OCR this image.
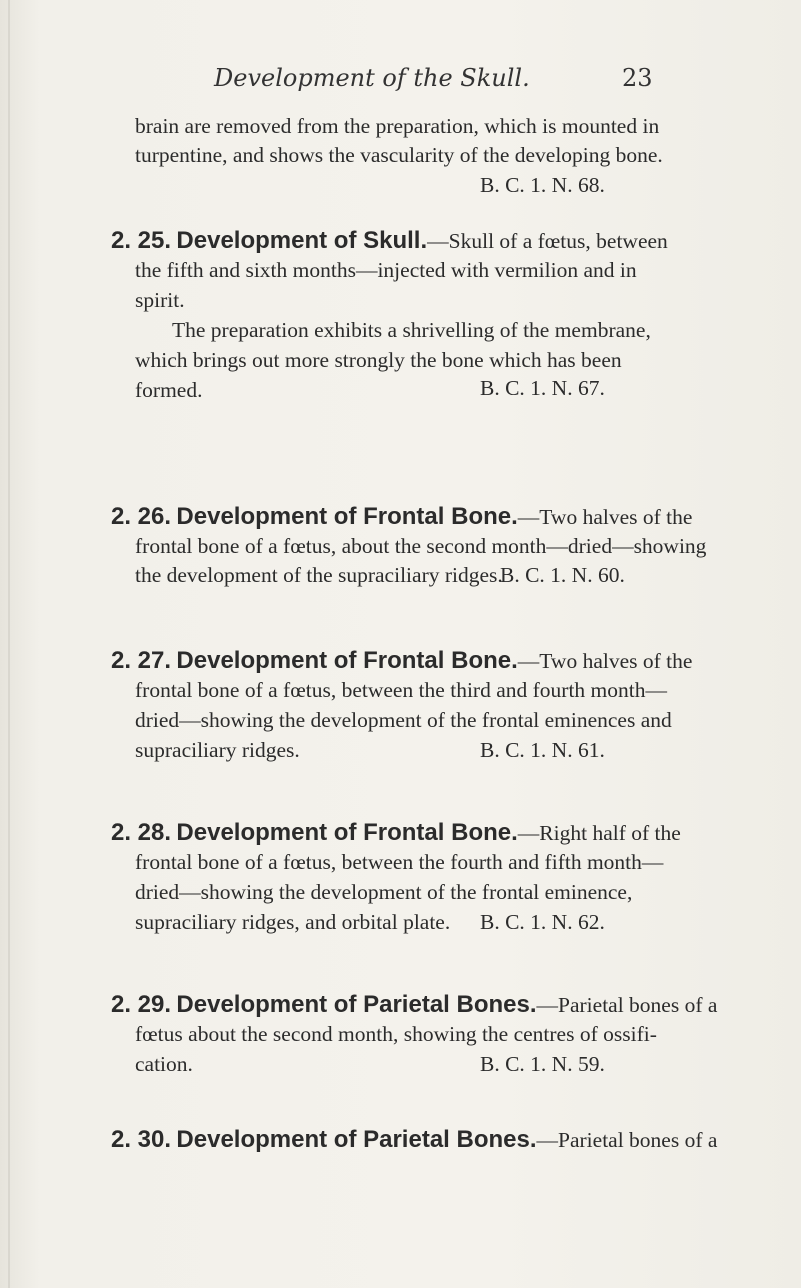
Development of the Skull.	23
brain are removed from the preparation, which is mounted in
turpentine, and shows the vascularity of the developing bone.
B. C. 1. N. 68.
2. 25. Development of Skull.—Skull of a fœtus, between
the fifth and sixth months—injected with vermilion and in
spirit.
The preparation exhibits a shrivelling of the membrane,
which brings out more strongly the bone which has been
formed.	B. C. 1. N. 67.
2. 26. Development of Frontal Bone.—Two halves of the
frontal bone of a fœtus, about the second month—dried—showing
the development of the supraciliary ridges.
B. C. 1. N. 60.
2. 27. Development of Frontal Bone.—Two halves of the
frontal bone of a fœtus, between the third and fourth month—
dried—showing the development of the frontal eminences and
supraciliary ridges.	B. C. 1. N. 61.
2. 28. Development of Frontal Bone.—Right half of the
frontal bone of a fœtus, between the fourth and fifth month—
dried—showing the development of the frontal eminence,
supraciliary ridges, and orbital plate. B. C. 1. N. 62.
2. 29. Development of Parietal Bones.—Parietal bones of a
fœtus about the second month, showing the centres of ossifi-
cation.	B. C. 1. N. 59.
2. 30. Development of Parietal Bones.—Parietal bones of a
